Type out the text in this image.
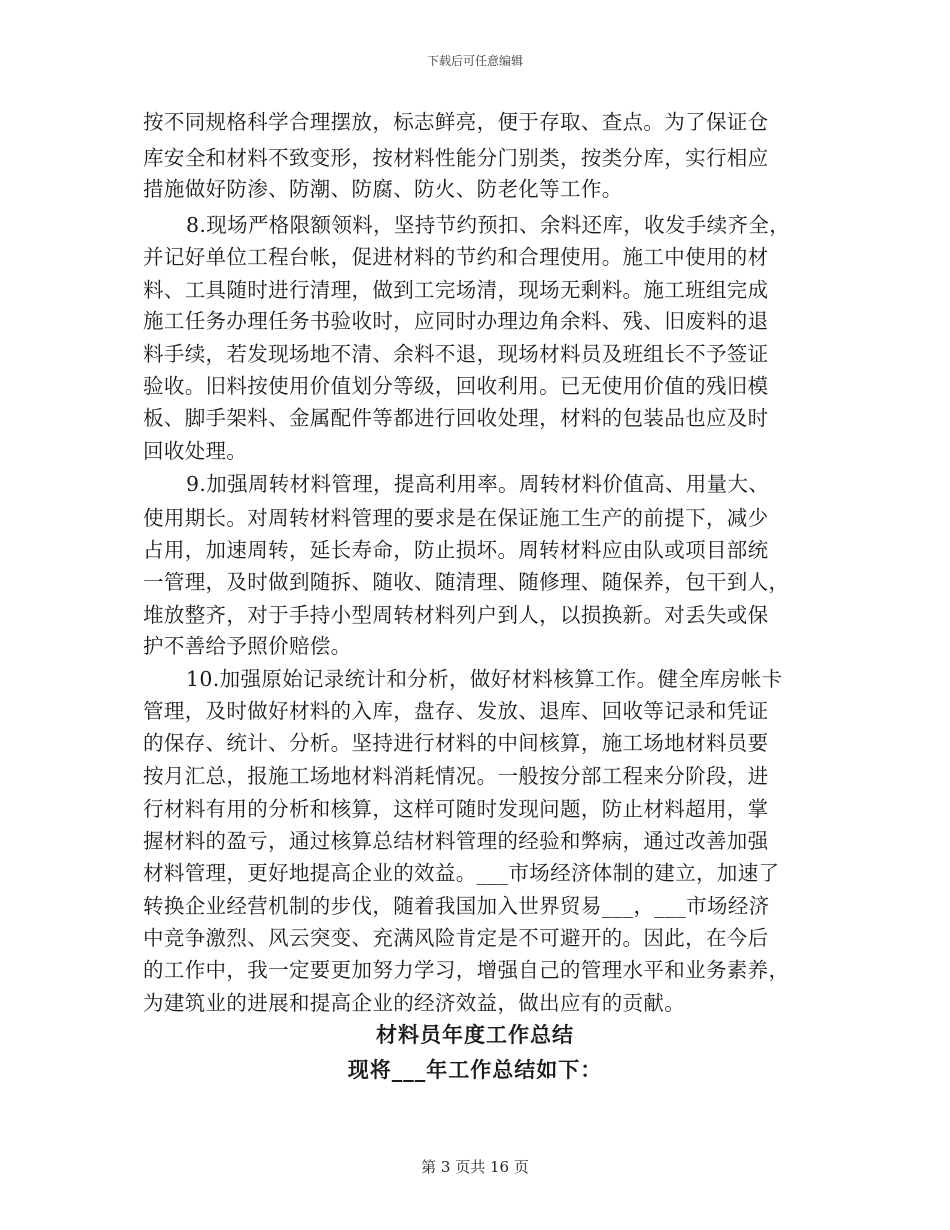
下载后可任意编辑
按不同规格科学合理摆放，标志鲜亮，便于存取、查点。为了保证仓
库安全和材料不致变形，按材料性能分门别类，按类分库，实行相应
措施做好防渗、防潮、防腐、防火、防老化等工作。
8.现场严格限额领料，坚持节约预扣、余料还库，收发手续齐全，
并记好单位工程台帐，促进材料的节约和合理使用。施工中使用的材
料、工具随时进行清理，做到工完场清，现场无剩料。施工班组完成
施工任务办理任务书验收时，应同时办理边角余料、残、旧废料的退
料手续，若发现场地不清、余料不退，现场材料员及班组长不予签证
验收。旧料按使用价值划分等级，回收利用。已无使用价值的残旧模
板、脚手架料、金属配件等都进行回收处理，材料的包装品也应及时
回收处理。
9.加强周转材料管理，提高利用率。周转材料价值高、用量大、
使用期长。对周转材料管理的要求是在保证施工生产的前提下，减少
占用，加速周转，延长寿命，防止损坏。周转材料应由队或项目部统
一管理，及时做到随拆、随收、随清理、随修理、随保养，包干到人，
堆放整齐，对于手持小型周转材料列户到人，以损换新。对丢失或保
护不善给予照价赔偿。
10.加强原始记录统计和分析，做好材料核算工作。健全库房帐卡
管理，及时做好材料的入库，盘存、发放、退库、回收等记录和凭证
的保存、统计、分析。坚持进行材料的中间核算，施工场地材料员要
按月汇总，报施工场地材料消耗情况。一般按分部工程来分阶段，进
行材料有用的分析和核算，这样可随时发现问题，防止材料超用，掌
握材料的盈亏，通过核算总结材料管理的经验和弊病，通过改善加强
材料管理，更好地提高企业的效益。___市场经济体制的建立，加速了
转换企业经营机制的步伐，随着我国加入世界贸易___，___市场经济
中竞争激烈、风云突变、充满风险肯定是不可避开的。因此，在今后
的工作中，我一定要更加努力学习，增强自己的管理水平和业务素养，
为建筑业的进展和提高企业的经济效益，做出应有的贡献。
材料员年度工作总结
现将___年工作总结如下：
第 3 页共 16 页
